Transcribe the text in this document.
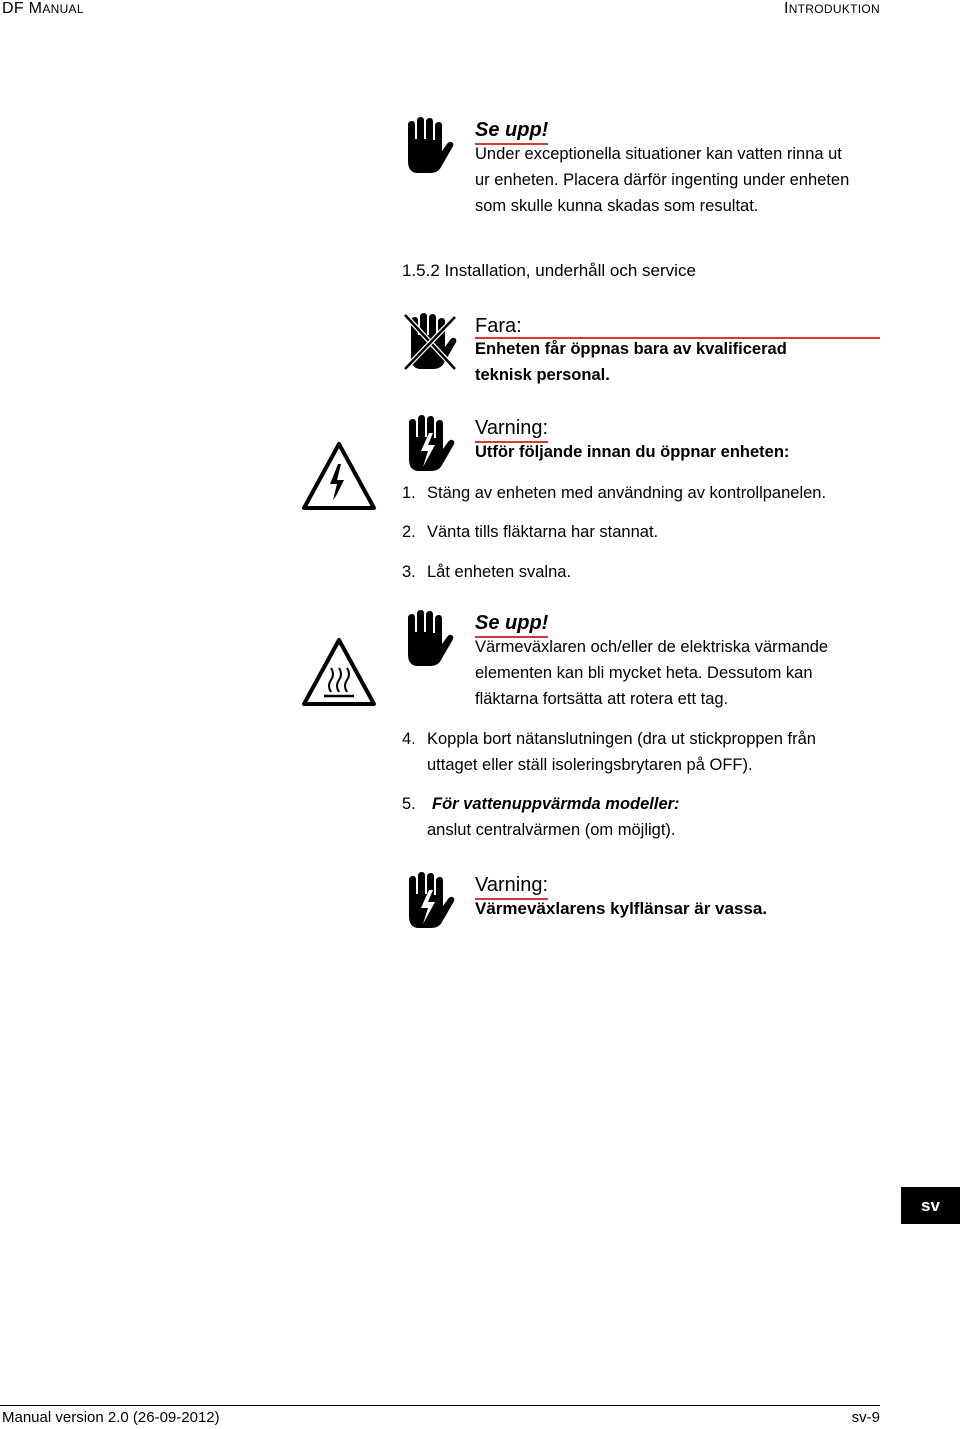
DF MANUAL	INTRODUKTION
Se upp!
Under exceptionella situationer kan vatten rinna ut
ur enheten. Placera därför ingenting under enheten
som skulle kunna skadas som resultat.
1.5.2 Installation, underhåll och service
Fara:
Enheten får öppnas bara av kvalificerad
teknisk personal.
Varning:
Utför följande innan du öppnar enheten:
1. Stäng av enheten med användning av kontrollpanelen.
2. Vänta tills fläktarna har stannat.
3. Låt enheten svalna.
Se upp!
Värmeväxlaren och/eller de elektriska värmande
elementen kan bli mycket heta. Dessutom kan
fläktarna fortsätta att rotera ett tag.
4. Koppla bort nätanslutningen (dra ut stickproppen från
uttaget eller ställ isoleringsbrytaren på OFF).
5. För vattenuppvärmda modeller:
anslut centralvärmen (om möjligt).
Varning:
Värmeväxlarens kylflänsar är vassa.
sv
Manual version 2.0 (26-09-2012)	sv-9
